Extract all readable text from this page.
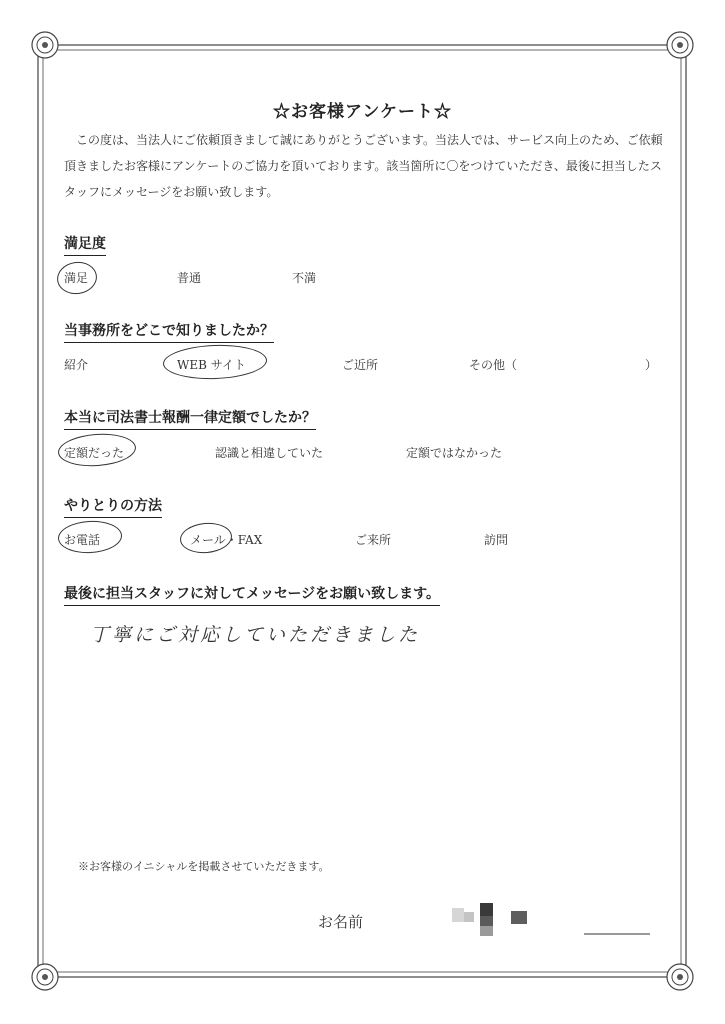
☆お客様アンケート☆

この度は、当法人にご依頼頂きまして誠にありがとうございます。当法人では、サービス向上のため、ご依頼頂きましたお客様にアンケートのご協力を頂いております。該当箇所に〇をつけていただき、最後に担当したスタッフにメッセージをお願い致します。

満足度
満足	普通	不満
当事務所をどこで知りましたか？
紹介	WEB サイト	ご近所	その他（	）
本当に司法書士報酬一律定額でしたか？
定額だった	認識と相違していた	定額ではなかった
やりとりの方法
お電話	メール・FAX	ご来所	訪問
最後に担当スタッフに対してメッセージをお願い致します。
丁寧にご対応していただきました
※お客様のイニシャルを掲載させていただきます。
お名前
